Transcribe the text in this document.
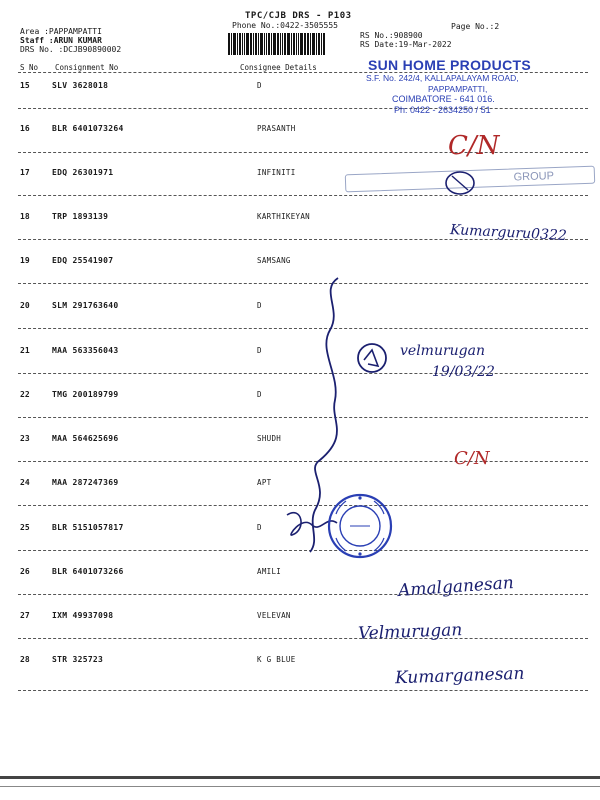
TPC/CJB DRS - P103
Phone No.:0422-3505555
Area :PAPPAMPATTI
Staff :ARUN KUMAR
DRS No. :DCJB90890002
RS No.:908900
RS Date:19-Mar-2022
Page No.:2
S No Consignment No	Consignee Details
15	SLV 3628018	D
16	BLR 6401073264	PRASANTH
17	EDQ 26301971	INFINITI
18	TRP 1893139	KARTHIKEYAN
19	EDQ 25541907	SAMSANG
20	SLM 291763640	D
21	MAA 563356043	D
22	TMG 200189799	D
23	MAA 564625696	SHUDH
24	MAA 287247369	APT
25	BLR 5151057817	D
26	BLR 6401073266	AMILI
27	IXM 49937098	VELEVAN
28	STR 325723	K G BLUE
SUN HOME PRODUCTS
S.F. No. 242/4, KALLAPALAYAM ROAD,
PAPPAMPATTI,
COIMBATORE - 641 016.
Ph: 0422 - 2634250 / 51
C/N
C/N
GROUP
Kumarguru0322
velmurugan
19/03/22
Amalganesan
Velmurugan
Kumarganesan
